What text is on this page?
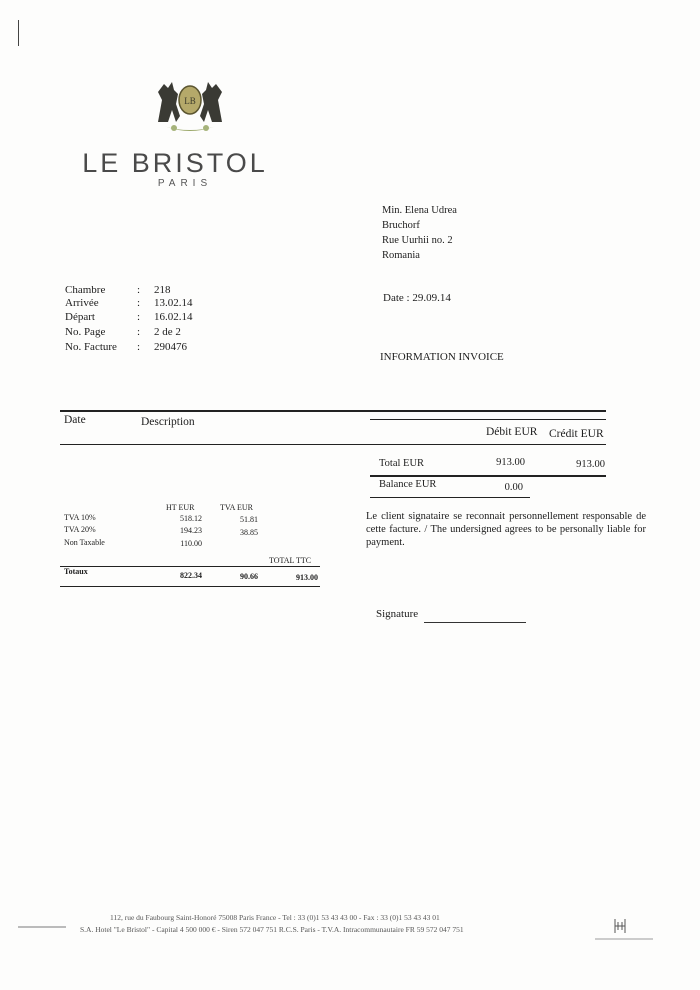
LB
LE BRISTOL
PARIS
Min. Elena Udrea
Bruchorf
Rue Uurhii no. 2
Romania
Chambre	: 218
Arrivée	: 13.02.14
Départ	: 16.02.14
No. Page	: 2 de 2
No. Facture : 290476
Date : 29.09.14
INFORMATION INVOICE
Date	Description
Débit EUR Crédit EUR
Total EUR	913.00	913.00
Balance EUR	0.00
HT EUR	TVA EUR
TVA 10%	518.12	51.81
TVA 20%	194.23	38.85
Non Taxable	110.00
TOTAL TTC
Totaux	822.34	90.66	913.00
Le client signataire se reconnait personnellement responsable de cette facture. / The undersigned agrees to be personally liable for payment.
Signature
112, rue du Faubourg Saint-Honoré 75008 Paris France - Tel : 33 (0)1 53 43 43 00 - Fax : 33 (0)1 53 43 43 01
S.A. Hotel "Le Bristol" - Capital 4 500 000 € - Siren 572 047 751 R.C.S. Paris - T.V.A. Intracommunautaire FR 59 572 047 751
